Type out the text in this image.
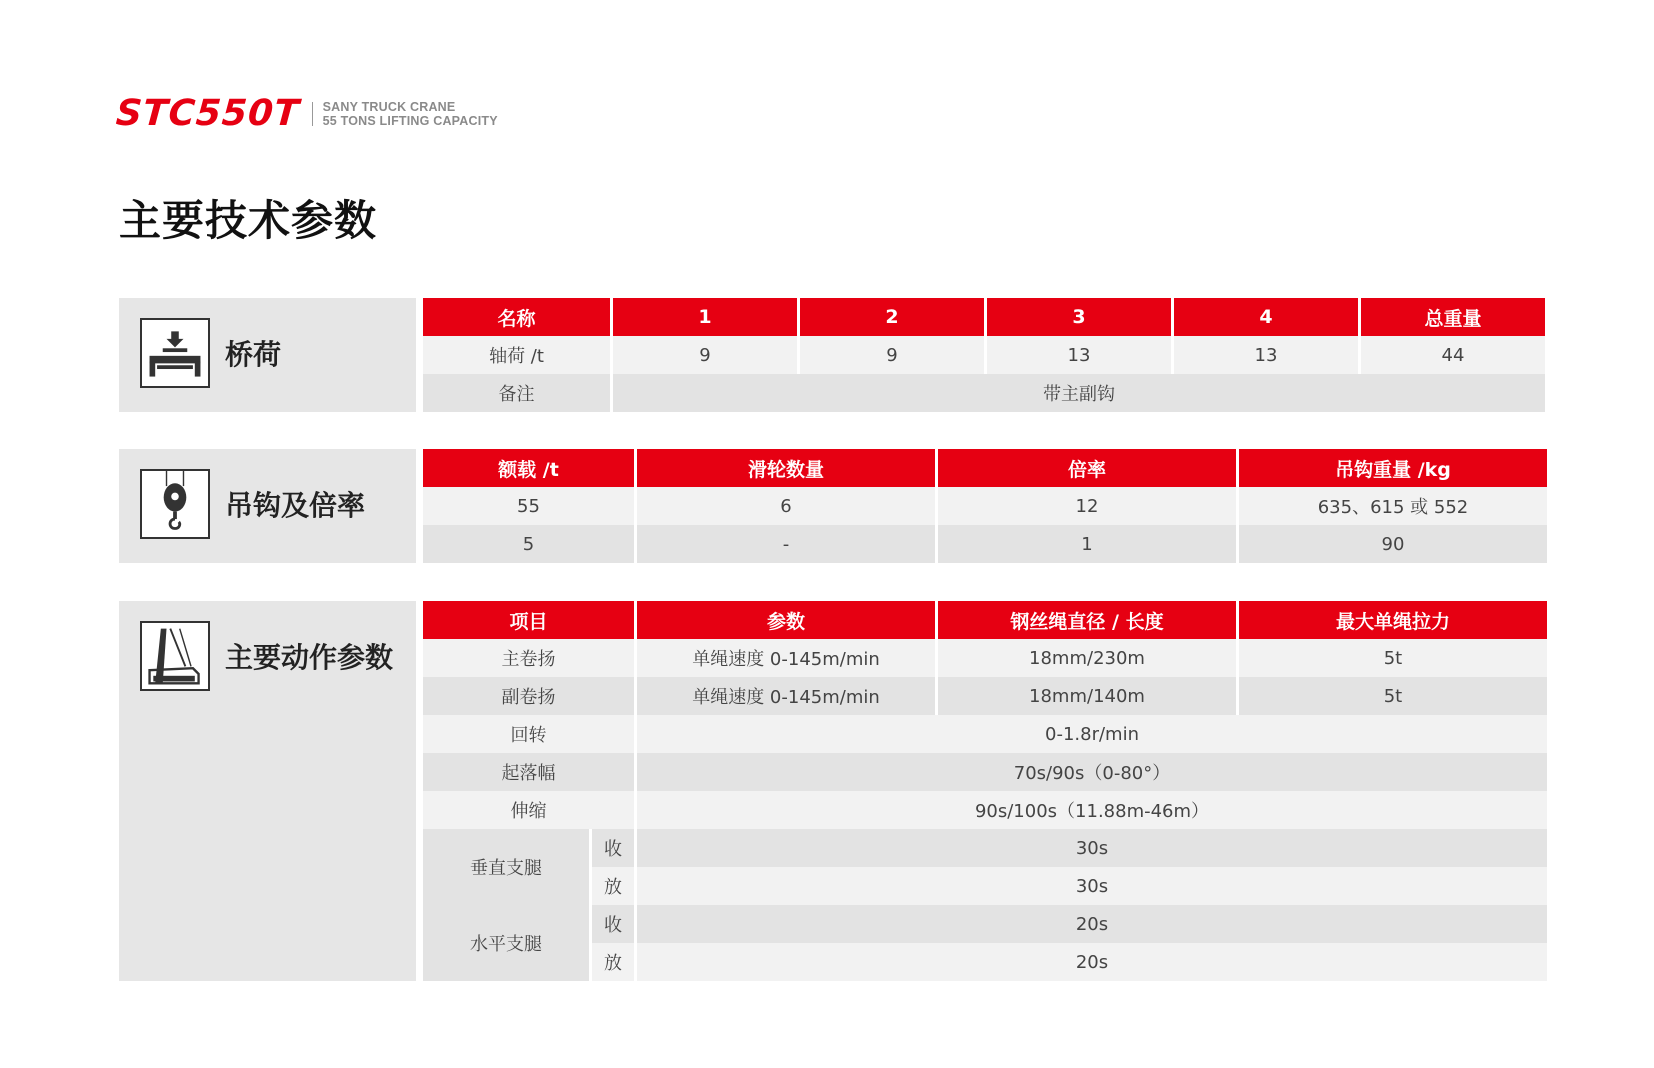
STC550T SANY TRUCK CRANE
55 TONS LIFTING CAPACITY
主要技术参数
桥荷
名称	1	2	3	4	总重量
轴荷 /t	9	9	13	13	44
备注	带主副钩
吊钩及倍率
额载 /t	滑轮数量	倍率	吊钩重量 /kg
55	6	12	635、615 或 552
5	-	1	90
主要动作参数
项目	参数	钢丝绳直径 / 长度	最大单绳拉力
主卷扬	单绳速度 0-145m/min	18mm/230m	5t
副卷扬	单绳速度 0-145m/min	18mm/140m	5t
回转	0-1.8r/min
起落幅	70s/90s（0-80°）
伸缩	90s/100s（11.88m-46m）
垂直支腿
收	30s
放	30s
水平支腿
收	20s
放	20s
